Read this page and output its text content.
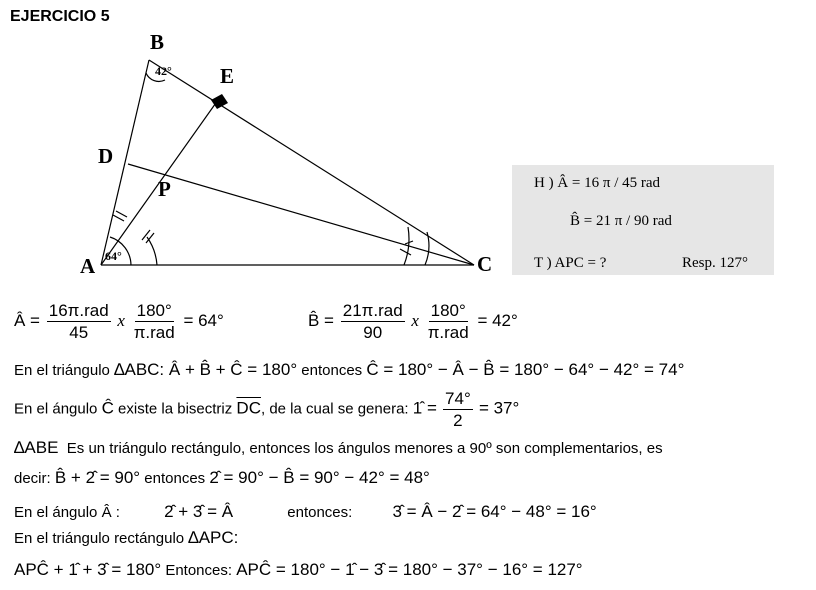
EJERCICIO 5
B
E
D
P
A	C
42°
64°
H ) Â = 16 π / 45 rad
B̂ = 21 π / 90 rad
T ) APC = ?	Resp. 127°
Â = $\frac{\text{16π.rad}}{45}$ x $\frac{180^\circ}{\text{π.rad}} = 64^\circ$	B̂ = $\frac{\text{21π.rad}}{90}$ x $\frac{180^\circ}{\text{π.rad}} = 42^\circ$
En el triángulo ∆ABC: Â + B̂ + Ĉ = 180° entonces Ĉ = 180° − Â − B̂ = 180° − 64° − 42° = 74°
En el ángulo Ĉ existe la bisectriz $\overline{DC}$, de la cual se genera: 1̂ = $\frac{74^\circ}{2} = 37^\circ$
∆ABE Es un triángulo rectángulo, entonces los ángulos menores a 90º son complementarios, es
decir: B̂ + 2̂ = 90° entonces 2̂ = 90° − B̂ = 90° − 42° = 48°
En el ángulo Â :	2̂ + 3̂ = Â	entonces: 3̂ = Â − 2̂ = 64° − 48° = 16°
En el triángulo rectángulo ∆APC:
APĈ + 1̂ + 3̂ = 180° Entonces: APĈ = 180° − 1̂ − 3̂ = 180° − 37° − 16° = 127°
